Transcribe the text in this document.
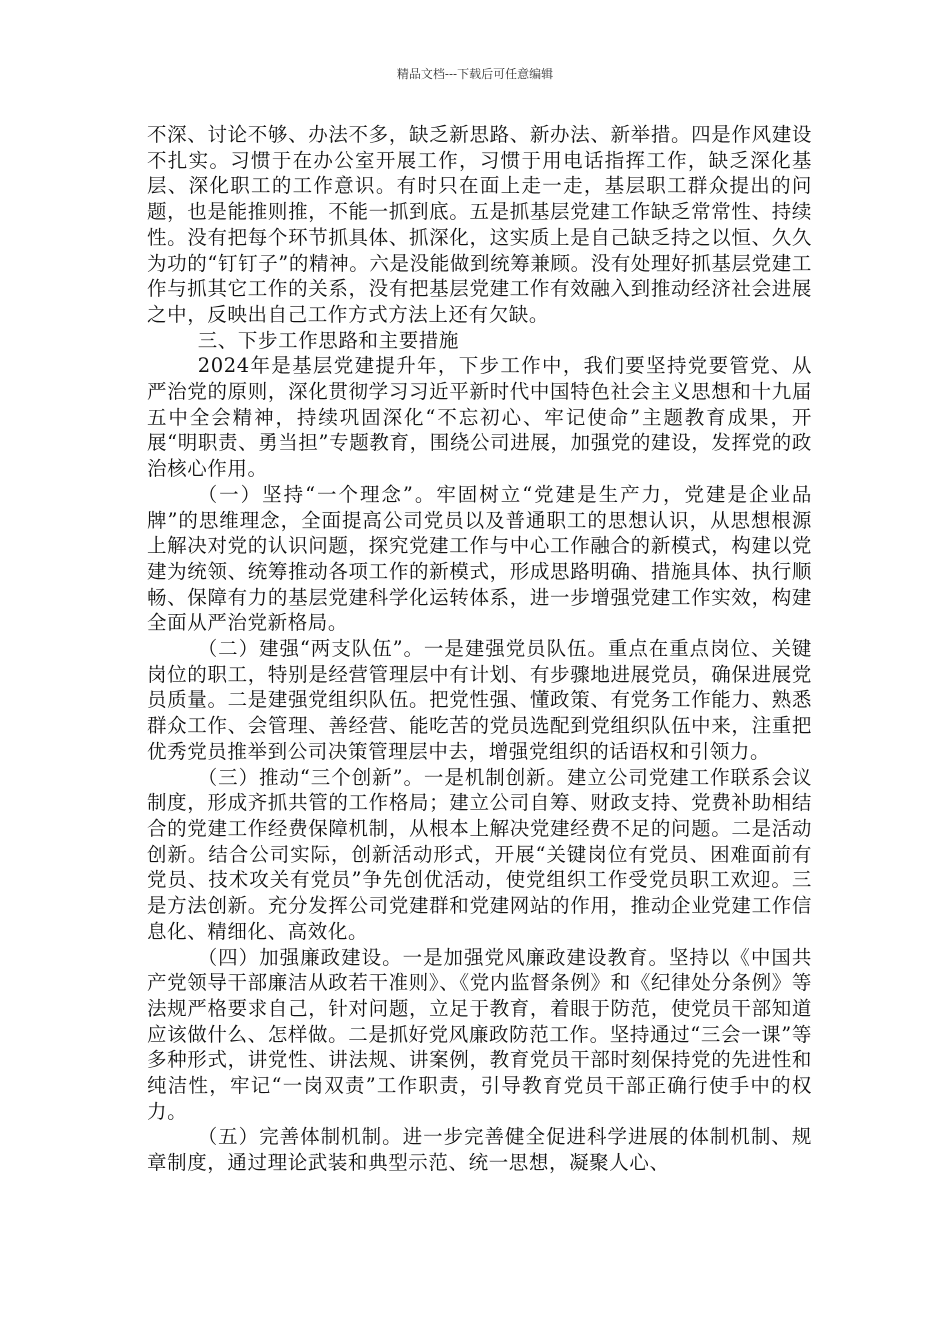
精品文档---下载后可任意编辑

不深、讨论不够、办法不多，缺乏新思路、新办法、新举措。四是作风建设不扎实。习惯于在办公室开展工作，习惯于用电话指挥工作，缺乏深化基层、深化职工的工作意识。有时只在面上走一走，基层职工群众提出的问题，也是能推则推，不能一抓到底。五是抓基层党建工作缺乏常常性、持续性。没有把每个环节抓具体、抓深化，这实质上是自己缺乏持之以恒、久久为功的“钉钉子”的精神。六是没能做到统筹兼顾。没有处理好抓基层党建工作与抓其它工作的关系，没有把基层党建工作有效融入到推动经济社会进展之中，反映出自己工作方式方法上还有欠缺。

三、下步工作思路和主要措施

2024年是基层党建提升年，下步工作中，我们要坚持党要管党、从严治党的原则，深化贯彻学习习近平新时代中国特色社会主义思想和十九届五中全会精神，持续巩固深化“不忘初心、牢记使命”主题教育成果，开展“明职责、勇当担”专题教育，围绕公司进展，加强党的建设，发挥党的政治核心作用。

（一）坚持“一个理念”。牢固树立“党建是生产力，党建是企业品牌”的思维理念，全面提高公司党员以及普通职工的思想认识，从思想根源上解决对党的认识问题，探究党建工作与中心工作融合的新模式，构建以党建为统领、统筹推动各项工作的新模式，形成思路明确、措施具体、执行顺畅、保障有力的基层党建科学化运转体系，进一步增强党建工作实效，构建全面从严治党新格局。

（二）建强“两支队伍”。一是建强党员队伍。重点在重点岗位、关键岗位的职工，特别是经营管理层中有计划、有步骤地进展党员，确保进展党员质量。二是建强党组织队伍。把党性强、懂政策、有党务工作能力、熟悉群众工作、会管理、善经营、能吃苦的党员选配到党组织队伍中来，注重把优秀党员推举到公司决策管理层中去，增强党组织的话语权和引领力。

（三）推动“三个创新”。一是机制创新。建立公司党建工作联系会议制度，形成齐抓共管的工作格局；建立公司自筹、财政支持、党费补助相结合的党建工作经费保障机制，从根本上解决党建经费不足的问题。二是活动创新。结合公司实际，创新活动形式，开展“关键岗位有党员、困难面前有党员、技术攻关有党员”争先创优活动，使党组织工作受党员职工欢迎。三是方法创新。充分发挥公司党建群和党建网站的作用，推动企业党建工作信息化、精细化、高效化。

（四）加强廉政建设。一是加强党风廉政建设教育。坚持以《中国共产党领导干部廉洁从政若干准则》、《党内监督条例》和《纪律处分条例》等法规严格要求自己，针对问题，立足于教育，着眼于防范，使党员干部知道应该做什么、怎样做。二是抓好党风廉政防范工作。坚持通过“三会一课”等多种形式，讲党性、讲法规、讲案例，教育党员干部时刻保持党的先进性和纯洁性，牢记“一岗双责”工作职责，引导教育党员干部正确行使手中的权力。

（五）完善体制机制。进一步完善健全促进科学进展的体制机制、规章制度，通过理论武装和典型示范、统一思想，凝聚人心、
